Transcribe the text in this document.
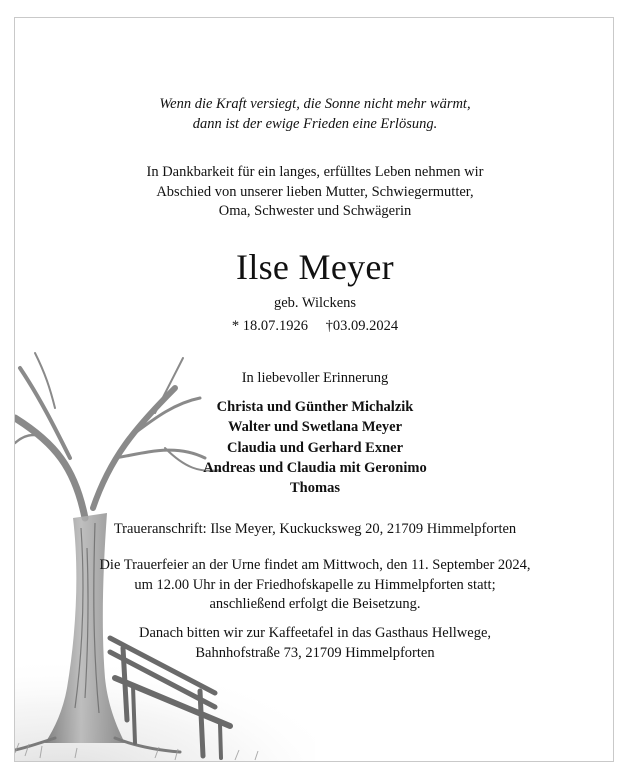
Wenn die Kraft versiegt, die Sonne nicht mehr wärmt,
dann ist der ewige Frieden eine Erlösung.
In Dankbarkeit für ein langes, erfülltes Leben nehmen wir
Abschied von unserer lieben Mutter, Schwiegermutter,
Oma, Schwester und Schwägerin
Ilse Meyer
geb. Wilckens
* 18.07.1926 †03.09.2024
In liebevoller Erinnerung
Christa und Günther Michalzik
Walter und Swetlana Meyer
Claudia und Gerhard Exner
Andreas und Claudia mit Geronimo
Thomas
Traueranschrift: Ilse Meyer, Kuckucksweg 20, 21709 Himmelpforten
Die Trauerfeier an der Urne findet am Mittwoch, den 11. September 2024,
um 12.00 Uhr in der Friedhofskapelle zu Himmelpforten statt;
anschließend erfolgt die Beisetzung.
Danach bitten wir zur Kaffeetafel in das Gasthaus Hellwege,
Bahnhofstraße 73, 21709 Himmelpforten
